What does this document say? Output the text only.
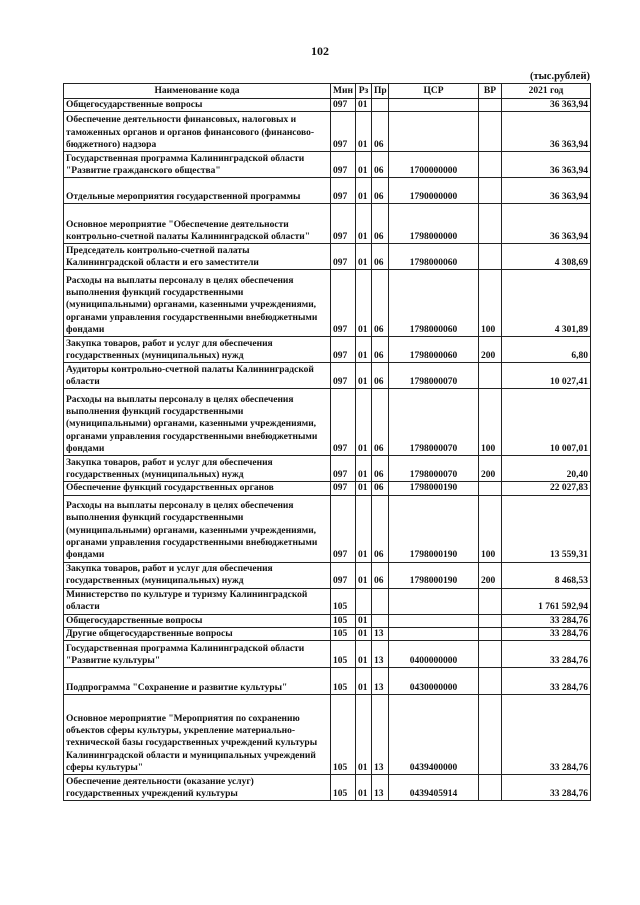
102
(тыс.рублей)
Наименование кода	Мин	Рз	Пр	ЦСР	ВР	2021 год
Общегосударственные вопросы	097	01				36 363,94
Обеспечение деятельности финансовых, налоговых и таможенных органов и органов финансового (финансово-бюджетного) надзора	097	01	06			36 363,94
Государственная программа Калининградской области "Развитие гражданского общества"	097	01	06	1700000000		36 363,94
Отдельные мероприятия государственной программы	097	01	06	1790000000		36 363,94
Основное мероприятие "Обеспечение деятельности контрольно-счетной палаты Калининградской области"	097	01	06	1798000000		36 363,94
Председатель контрольно-счетной палаты Калининградской области и его заместители	097	01	06	1798000060		4 308,69
Расходы на выплаты персоналу в целях обеспечения выполнения функций государственными (муниципальными) органами, казенными учреждениями, органами управления государственными внебюджетными фондами	097	01	06	1798000060	100	4 301,89
Закупка товаров, работ и услуг для обеспечения государственных (муниципальных) нужд	097	01	06	1798000060	200	6,80
Аудиторы контрольно-счетной палаты Калининградской области	097	01	06	1798000070		10 027,41
Расходы на выплаты персоналу в целях обеспечения выполнения функций государственными (муниципальными) органами, казенными учреждениями, органами управления государственными внебюджетными фондами	097	01	06	1798000070	100	10 007,01
Закупка товаров, работ и услуг для обеспечения государственных (муниципальных) нужд	097	01	06	1798000070	200	20,40
Обеспечение функций государственных органов	097	01	06	1798000190		22 027,83
Расходы на выплаты персоналу в целях обеспечения выполнения функций государственными (муниципальными) органами, казенными учреждениями, органами управления государственными внебюджетными фондами	097	01	06	1798000190	100	13 559,31
Закупка товаров, работ и услуг для обеспечения государственных (муниципальных) нужд	097	01	06	1798000190	200	8 468,53
Министерство по культуре и туризму Калининградской области	105					1 761 592,94
Общегосударственные вопросы	105	01				33 284,76
Другие общегосударственные вопросы	105	01	13			33 284,76
Государственная программа Калининградской области "Развитие культуры"	105	01	13	0400000000		33 284,76
Подпрограмма "Сохранение и развитие культуры"	105	01	13	0430000000		33 284,76
Основное мероприятие "Мероприятия по сохранению объектов сферы культуры, укрепление материально-технической базы государственных учреждений культуры Калининградской области и муниципальных учреждений сферы культуры"	105	01	13	0439400000		33 284,76
Обеспечение деятельности (оказание услуг) государственных учреждений культуры	105	01	13	0439405914		33 284,76
